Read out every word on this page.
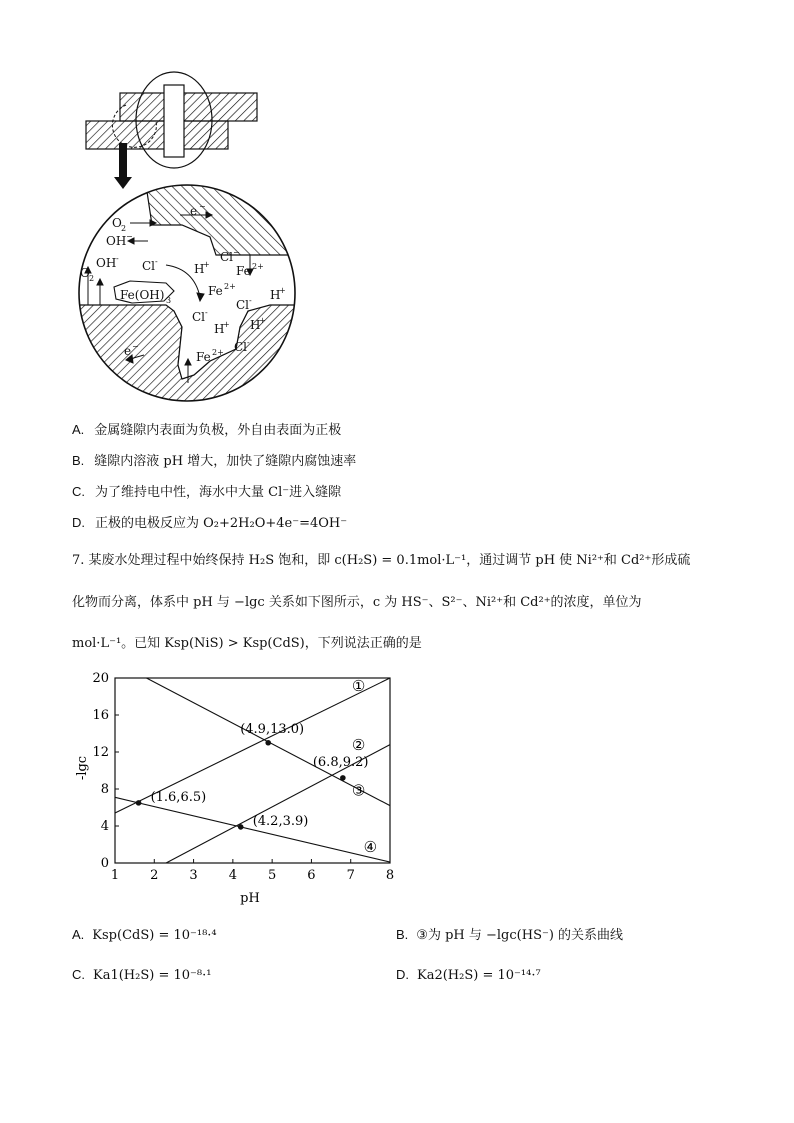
e −
O 2
OH −
Cl −
Fe 2+
O 2
OH -
Cl -
H
+
Fe(OH) 3
Fe 2+
Cl -
H
+
Cl - H
+
Cl -
H
+
e −
Fe 2+
A. 金属缝隙内表面为负极，外自由表面为正极
B. 缝隙内溶液 pH 增大，加快了缝隙内腐蚀速率
C. 为了维持电中性，海水中大量 Cl⁻进入缝隙
D. 正极的电极反应为 O₂+2H₂O+4e⁻=4OH⁻
7. 某废水处理过程中始终保持 H₂S 饱和，即 c(H₂S) = 0.1mol·L⁻¹，通过调节 pH 使 Ni²⁺和 Cd²⁺形成硫
化物而分离，体系中 pH 与 −lgc 关系如下图所示，c 为 HS⁻、S²⁻、Ni²⁺和 Cd²⁺的浓度，单位为
mol·L⁻¹。已知 Ksp(NiS) > Ksp(CdS)，下列说法正确的是
①
②
③
④
1 2 3 4 5 6 7 8
0
4
8
12
16
20
(4.9,13.0)
(6.8,9.2)
(1.6,6.5)
(4.2,3.9)
pH
-lgc
A. Ksp(CdS) = 10⁻¹⁸·⁴	B. ③为 pH 与 −lgc(HS⁻) 的关系曲线
C. Ka1(H₂S) = 10⁻⁸·¹	D. Ka2(H₂S) = 10⁻¹⁴·⁷
